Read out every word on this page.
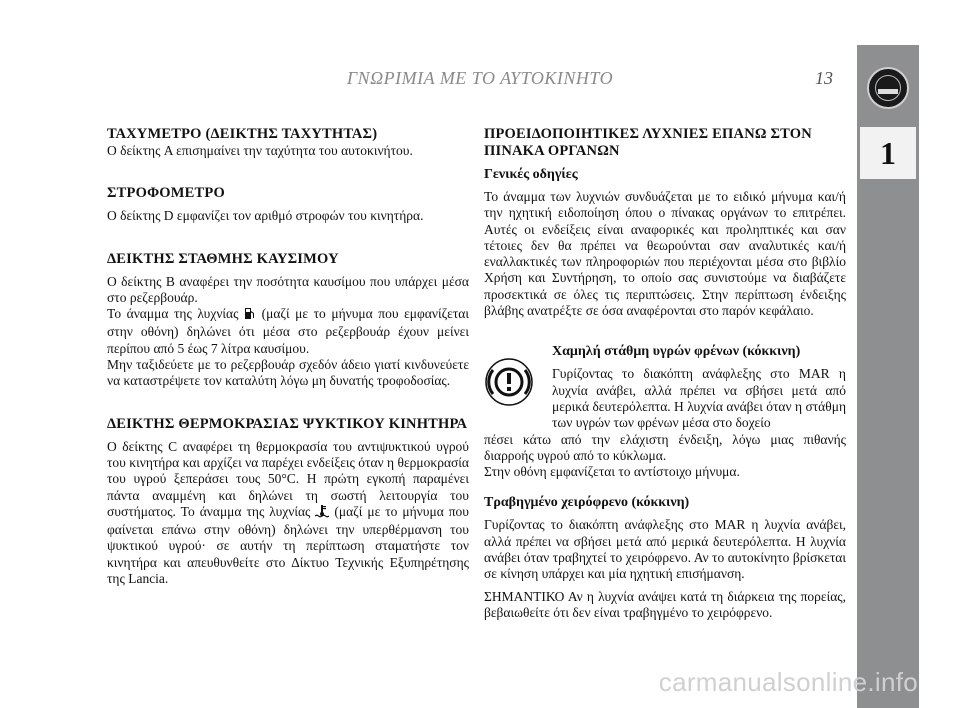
ΓΝΩΡΙΜΙΑ ΜΕ ΤΟ ΑΥΤΟΚΙΝΗΤΟ	13
1
ΤΑΧΥΜΕΤΡΟ (ΔΕΙΚΤΗΣ ΤΑΧΥΤΗΤΑΣ)

Ο δείκτης A επισημαίνει την ταχύτητα του αυτοκινήτου.

ΣΤΡΟΦΟΜΕΤΡΟ

Ο δείκτης D εμφανίζει τον αριθμό στροφών του κινητήρα.

ΔΕΙΚΤΗΣ ΣΤΑΘΜΗΣ ΚΑΥΣΙΜΟΥ

Ο δείκτης B αναφέρει την ποσότητα καυσίμου που υπάρχει μέσα στο ρεζερβουάρ.

Το άναμμα της λυχνίας  (μαζί με το μήνυμα που εμφανίζεται στην οθόνη) δηλώνει ότι μέσα στο ρεζερβουάρ έχουν μείνει περίπου από 5 έως 7 λίτρα καυσίμου.

Μην ταξιδεύετε με το ρεζερβουάρ σχεδόν άδειο γιατί κινδυνεύετε να καταστρέψετε τον καταλύτη λόγω μη δυνατής τροφοδοσίας.

ΔΕΙΚΤΗΣ ΘΕΡΜΟΚΡΑΣΙΑΣ ΨΥΚΤΙΚΟΥ ΚΙΝΗΤΗΡΑ

Ο δείκτης C αναφέρει τη θερμοκρασία του αντιψυκτικού υγρού του κινητήρα και αρχίζει να παρέχει ενδείξεις όταν η θερμοκρασία του υγρού ξεπεράσει τους 50°C. Η πρώτη εγκοπή παραμένει πάντα αναμμένη και δηλώνει τη σωστή λειτουργία του συστήματος. Το άναμμα της λυχνίας  (μαζί με το μήνυμα που φαίνεται επάνω στην οθόνη) δηλώνει την υπερθέρμανση του ψυκτικού υγρού· σε αυτήν τη περίπτωση σταματήστε τον κινητήρα και απευθυνθείτε στο Δίκτυο Τεχνικής Εξυπηρέτησης της Lancia.

ΠΡΟΕΙΔΟΠΟΙΗΤΙΚΕΣ ΛΥΧΝΙΕΣ ΕΠΑΝΩ ΣΤΟΝ ΠΙΝΑΚΑ ΟΡΓΑΝΩΝ
Γενικές οδηγίες

Το άναμμα των λυχνιών συνδυάζεται με το ειδικό μήνυμα και/ή την ηχητική ειδοποίηση όπου ο πίνακας οργάνων το επιτρέπει. Αυτές οι ενδείξεις είναι αναφορικές και προληπτικές και σαν τέτοιες δεν θα πρέπει να θεωρούνται σαν αναλυτικές και/ή εναλλακτικές των πληροφοριών που περιέχονται μέσα στο βιβλίο Χρήση και Συντήρηση, το οποίο σας συνιστούμε να διαβάζετε προσεκτικά σε όλες τις περιπτώσεις. Στην περίπτωση ένδειξης βλάβης ανατρέξτε σε όσα αναφέρονται στο παρόν κεφάλαιο.

Χαμηλή στάθμη υγρών φρένων (κόκκινη)

Γυρίζοντας το διακόπτη ανάφλεξης στο MAR η λυχνία ανάβει, αλλά πρέπει να σβήσει μετά από μερικά δευτερόλεπτα. Η λυχνία ανάβει όταν η στάθμη των υγρών των φρένων μέσα στο δοχείο

πέσει κάτω από την ελάχιστη ένδειξη, λόγω μιας πιθανής διαρροής υγρού από το κύκλωμα.

Στην οθόνη εμφανίζεται το αντίστοιχο μήνυμα.

Τραβηγμένο χειρόφρενο (κόκκινη)

Γυρίζοντας το διακόπτη ανάφλεξης στο MAR η λυχνία ανάβει, αλλά πρέπει να σβήσει μετά από μερικά δευτερόλεπτα. Η λυχνία ανάβει όταν τραβηχτεί το χειρόφρενο. Αν το αυτοκίνητο βρίσκεται σε κίνηση υπάρχει και μία ηχητική επισήμανση.

ΣΗΜΑΝΤΙΚΟ Αν η λυχνία ανάψει κατά τη διάρκεια της πορείας, βεβαιωθείτε ότι δεν είναι τραβηγμένο το χειρόφρενο.

carmanualsonline.info
